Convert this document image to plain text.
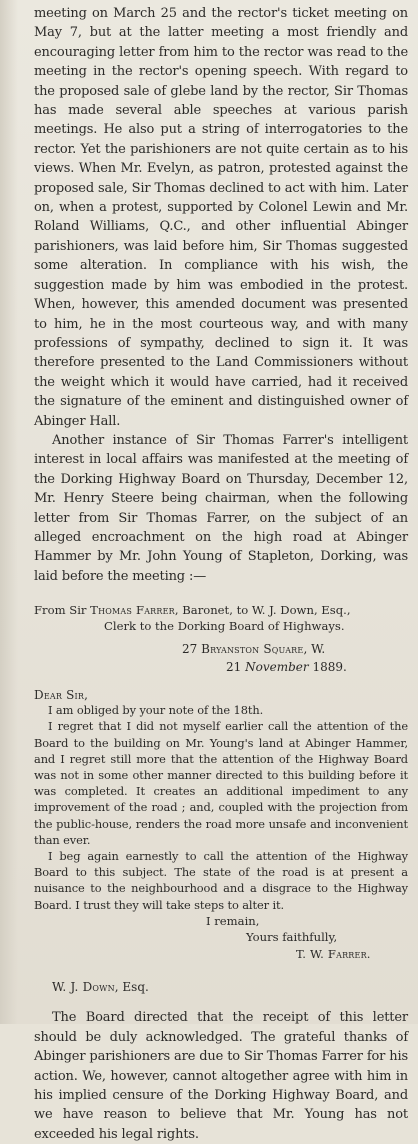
meeting on March 25 and the rector's ticket meeting on May 7, but at the latter meeting a most friendly and encouraging letter from him to the rector was read to the meeting in the rector's opening speech. With regard to the proposed sale of glebe land by the rector, Sir Thomas has made several able speeches at various parish meetings. He also put a string of interrogatories to the rector. Yet the parishioners are not quite certain as to his views. When Mr. Evelyn, as patron, protested against the proposed sale, Sir Thomas declined to act with him. Later on, when a protest, supported by Colonel Lewin and Mr. Roland Williams, Q.C., and other influential Abinger parishioners, was laid before him, Sir Thomas suggested some alteration. In compliance with his wish, the suggestion made by him was embodied in the protest. When, however, this amended document was presented to him, he in the most courteous way, and with many professions of sympathy, declined to sign it. It was therefore presented to the Land Commissioners without the weight which it would have carried, had it received the signature of the eminent and distinguished owner of Abinger Hall.

Another instance of Sir Thomas Farrer's intelligent interest in local affairs was manifested at the meeting of the Dorking Highway Board on Thursday, December 12, Mr. Henry Steere being chairman, when the following letter from Sir Thomas Farrer, on the subject of an alleged encroachment on the high road at Abinger Hammer by Mr. John Young of Stapleton, Dorking, was laid before the meeting :—

From Sir Thomas Farrer, Baronet, to W. J. Down, Esq.,
Clerk to the Dorking Board of Highways.

27 Bryanston Square, W.
21 November 1889.

Dear Sir,

I am obliged by your note of the 18th.

I regret that I did not myself earlier call the attention of the Board to the building on Mr. Young's land at Abinger Hammer, and I regret still more that the attention of the Highway Board was not in some other manner directed to this building before it was completed. It creates an additional impediment to any improvement of the road ; and, coupled with the projection from the public-house, renders the road more unsafe and inconvenient than ever.

I beg again earnestly to call the attention of the Highway Board to this subject. The state of the road is at present a nuisance to the neighbourhood and a disgrace to the Highway Board. I trust they will take steps to alter it.

I remain,
Yours faithfully,
T. W. Farrer.

W. J. Down, Esq.

The Board directed that the receipt of this letter should be duly acknowledged. The grateful thanks of Abinger parishioners are due to Sir Thomas Farrer for his action. We, however, cannot altogether agree with him in his implied censure of the Dorking Highway Board, and we have reason to believe that Mr. Young has not exceeded his legal rights.
